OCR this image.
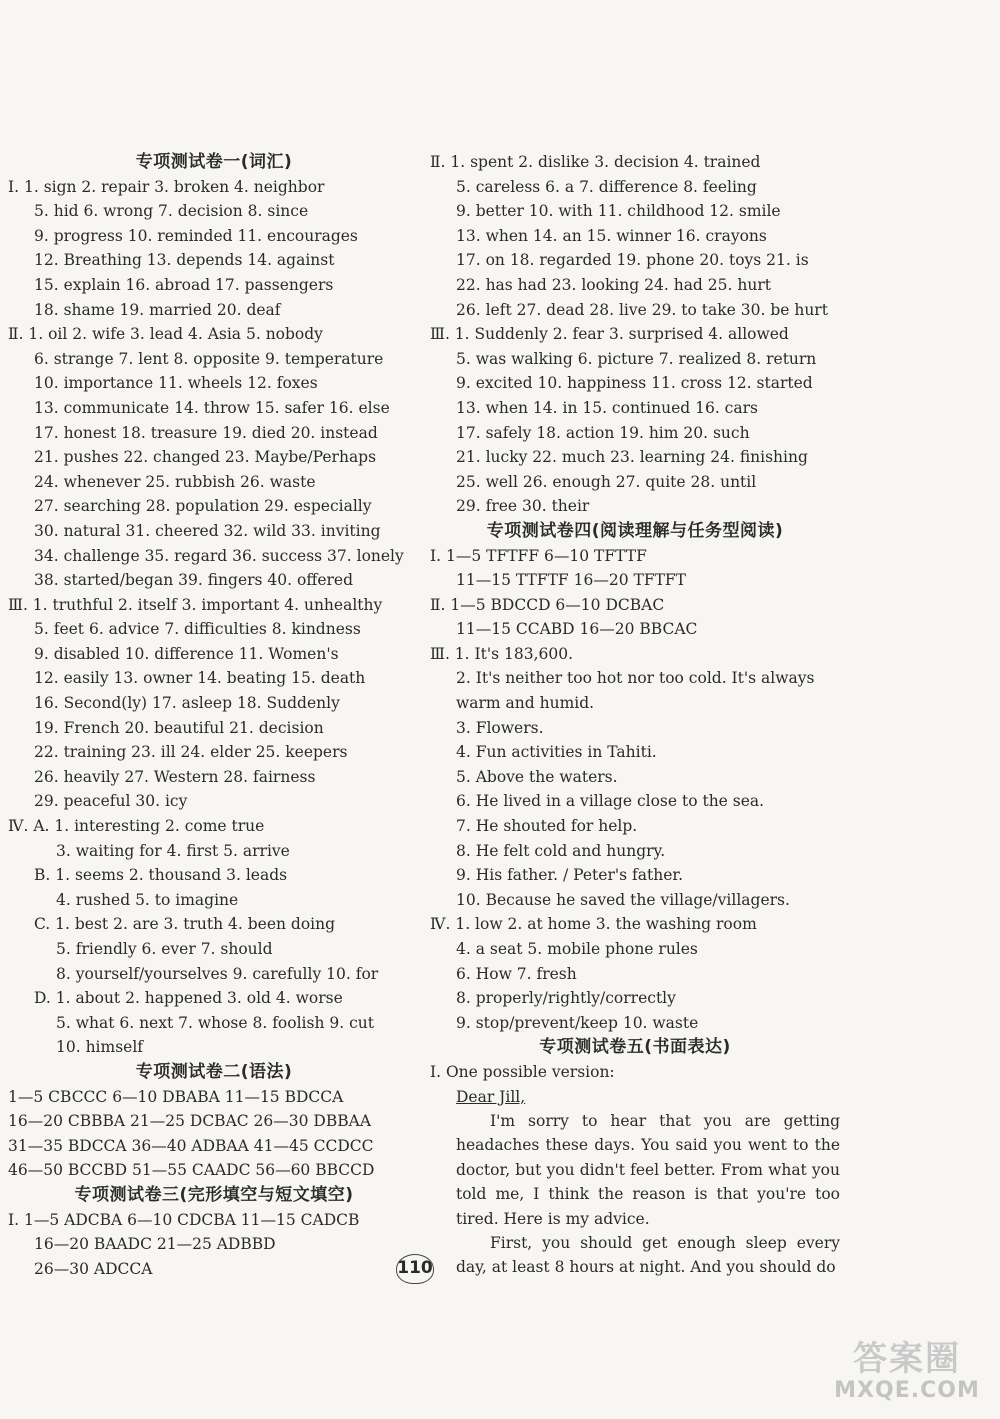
专项测试卷一(词汇)
Ⅰ. 1. sign 2. repair 3. broken 4. neighbor
5. hid 6. wrong 7. decision 8. since
9. progress 10. reminded 11. encourages
12. Breathing 13. depends 14. against
15. explain 16. abroad 17. passengers
18. shame 19. married 20. deaf
Ⅱ. 1. oil 2. wife 3. lead 4. Asia 5. nobody
6. strange 7. lent 8. opposite 9. temperature
10. importance 11. wheels 12. foxes
13. communicate 14. throw 15. safer 16. else
17. honest 18. treasure 19. died 20. instead
21. pushes 22. changed 23. Maybe/Perhaps
24. whenever 25. rubbish 26. waste
27. searching 28. population 29. especially
30. natural 31. cheered 32. wild 33. inviting
34. challenge 35. regard 36. success 37. lonely
38. started/began 39. fingers 40. offered
Ⅲ. 1. truthful 2. itself 3. important 4. unhealthy
5. feet 6. advice 7. difficulties 8. kindness
9. disabled 10. difference 11. Women's
12. easily 13. owner 14. beating 15. death
16. Second(ly) 17. asleep 18. Suddenly
19. French 20. beautiful 21. decision
22. training 23. ill 24. elder 25. keepers
26. heavily 27. Western 28. fairness
29. peaceful 30. icy
Ⅳ. A. 1. interesting 2. come true
3. waiting for 4. first 5. arrive
B. 1. seems 2. thousand 3. leads
4. rushed 5. to imagine
C. 1. best 2. are 3. truth 4. been doing
5. friendly 6. ever 7. should
8. yourself/yourselves 9. carefully 10. for
D. 1. about 2. happened 3. old 4. worse
5. what 6. next 7. whose 8. foolish 9. cut
10. himself
专项测试卷二(语法)
1—5 CBCCC 6—10 DBABA 11—15 BDCCA
16—20 CBBBA 21—25 DCBAC 26—30 DBBAA
31—35 BDCCA 36—40 ADBAA 41—45 CCDCC
46—50 BCCBD 51—55 CAADC 56—60 BBCCD
专项测试卷三(完形填空与短文填空)
Ⅰ. 1—5 ADCBA 6—10 CDCBA 11—15 CADCB
16—20 BAADC 21—25 ADBBD
26—30 ADCCA
Ⅱ. 1. spent 2. dislike 3. decision 4. trained
5. careless 6. a 7. difference 8. feeling
9. better 10. with 11. childhood 12. smile
13. when 14. an 15. winner 16. crayons
17. on 18. regarded 19. phone 20. toys 21. is
22. has had 23. looking 24. had 25. hurt
26. left 27. dead 28. live 29. to take 30. be hurt
Ⅲ. 1. Suddenly 2. fear 3. surprised 4. allowed
5. was walking 6. picture 7. realized 8. return
9. excited 10. happiness 11. cross 12. started
13. when 14. in 15. continued 16. cars
17. safely 18. action 19. him 20. such
21. lucky 22. much 23. learning 24. finishing
25. well 26. enough 27. quite 28. until
29. free 30. their
专项测试卷四(阅读理解与任务型阅读)
Ⅰ. 1—5 TFTFF 6—10 TFTTF
11—15 TTFTF 16—20 TFTFT
Ⅱ. 1—5 BDCCD 6—10 DCBAC
11—15 CCABD 16—20 BBCAC
Ⅲ. 1. It's 183,600.
2. It's neither too hot nor too cold. It's always
warm and humid.
3. Flowers.
4. Fun activities in Tahiti.
5. Above the waters.
6. He lived in a village close to the sea.
7. He shouted for help.
8. He felt cold and hungry.
9. His father. / Peter's father.
10. Because he saved the village/villagers.
Ⅳ. 1. low 2. at home 3. the washing room
4. a seat 5. mobile phone rules
6. How 7. fresh
8. properly/rightly/correctly
9. stop/prevent/keep 10. waste
专项测试卷五(书面表达)
Ⅰ. One possible version:

Dear Jill,

I'm sorry to hear that you are getting headaches these days. You said you went to the doctor, but you didn't feel better. From what you told me, I think the reason is that you're too tired. Here is my advice.

First, you should get enough sleep every day, at least 8 hours at night. And you should do

110
答案圈
MXQE.COM
